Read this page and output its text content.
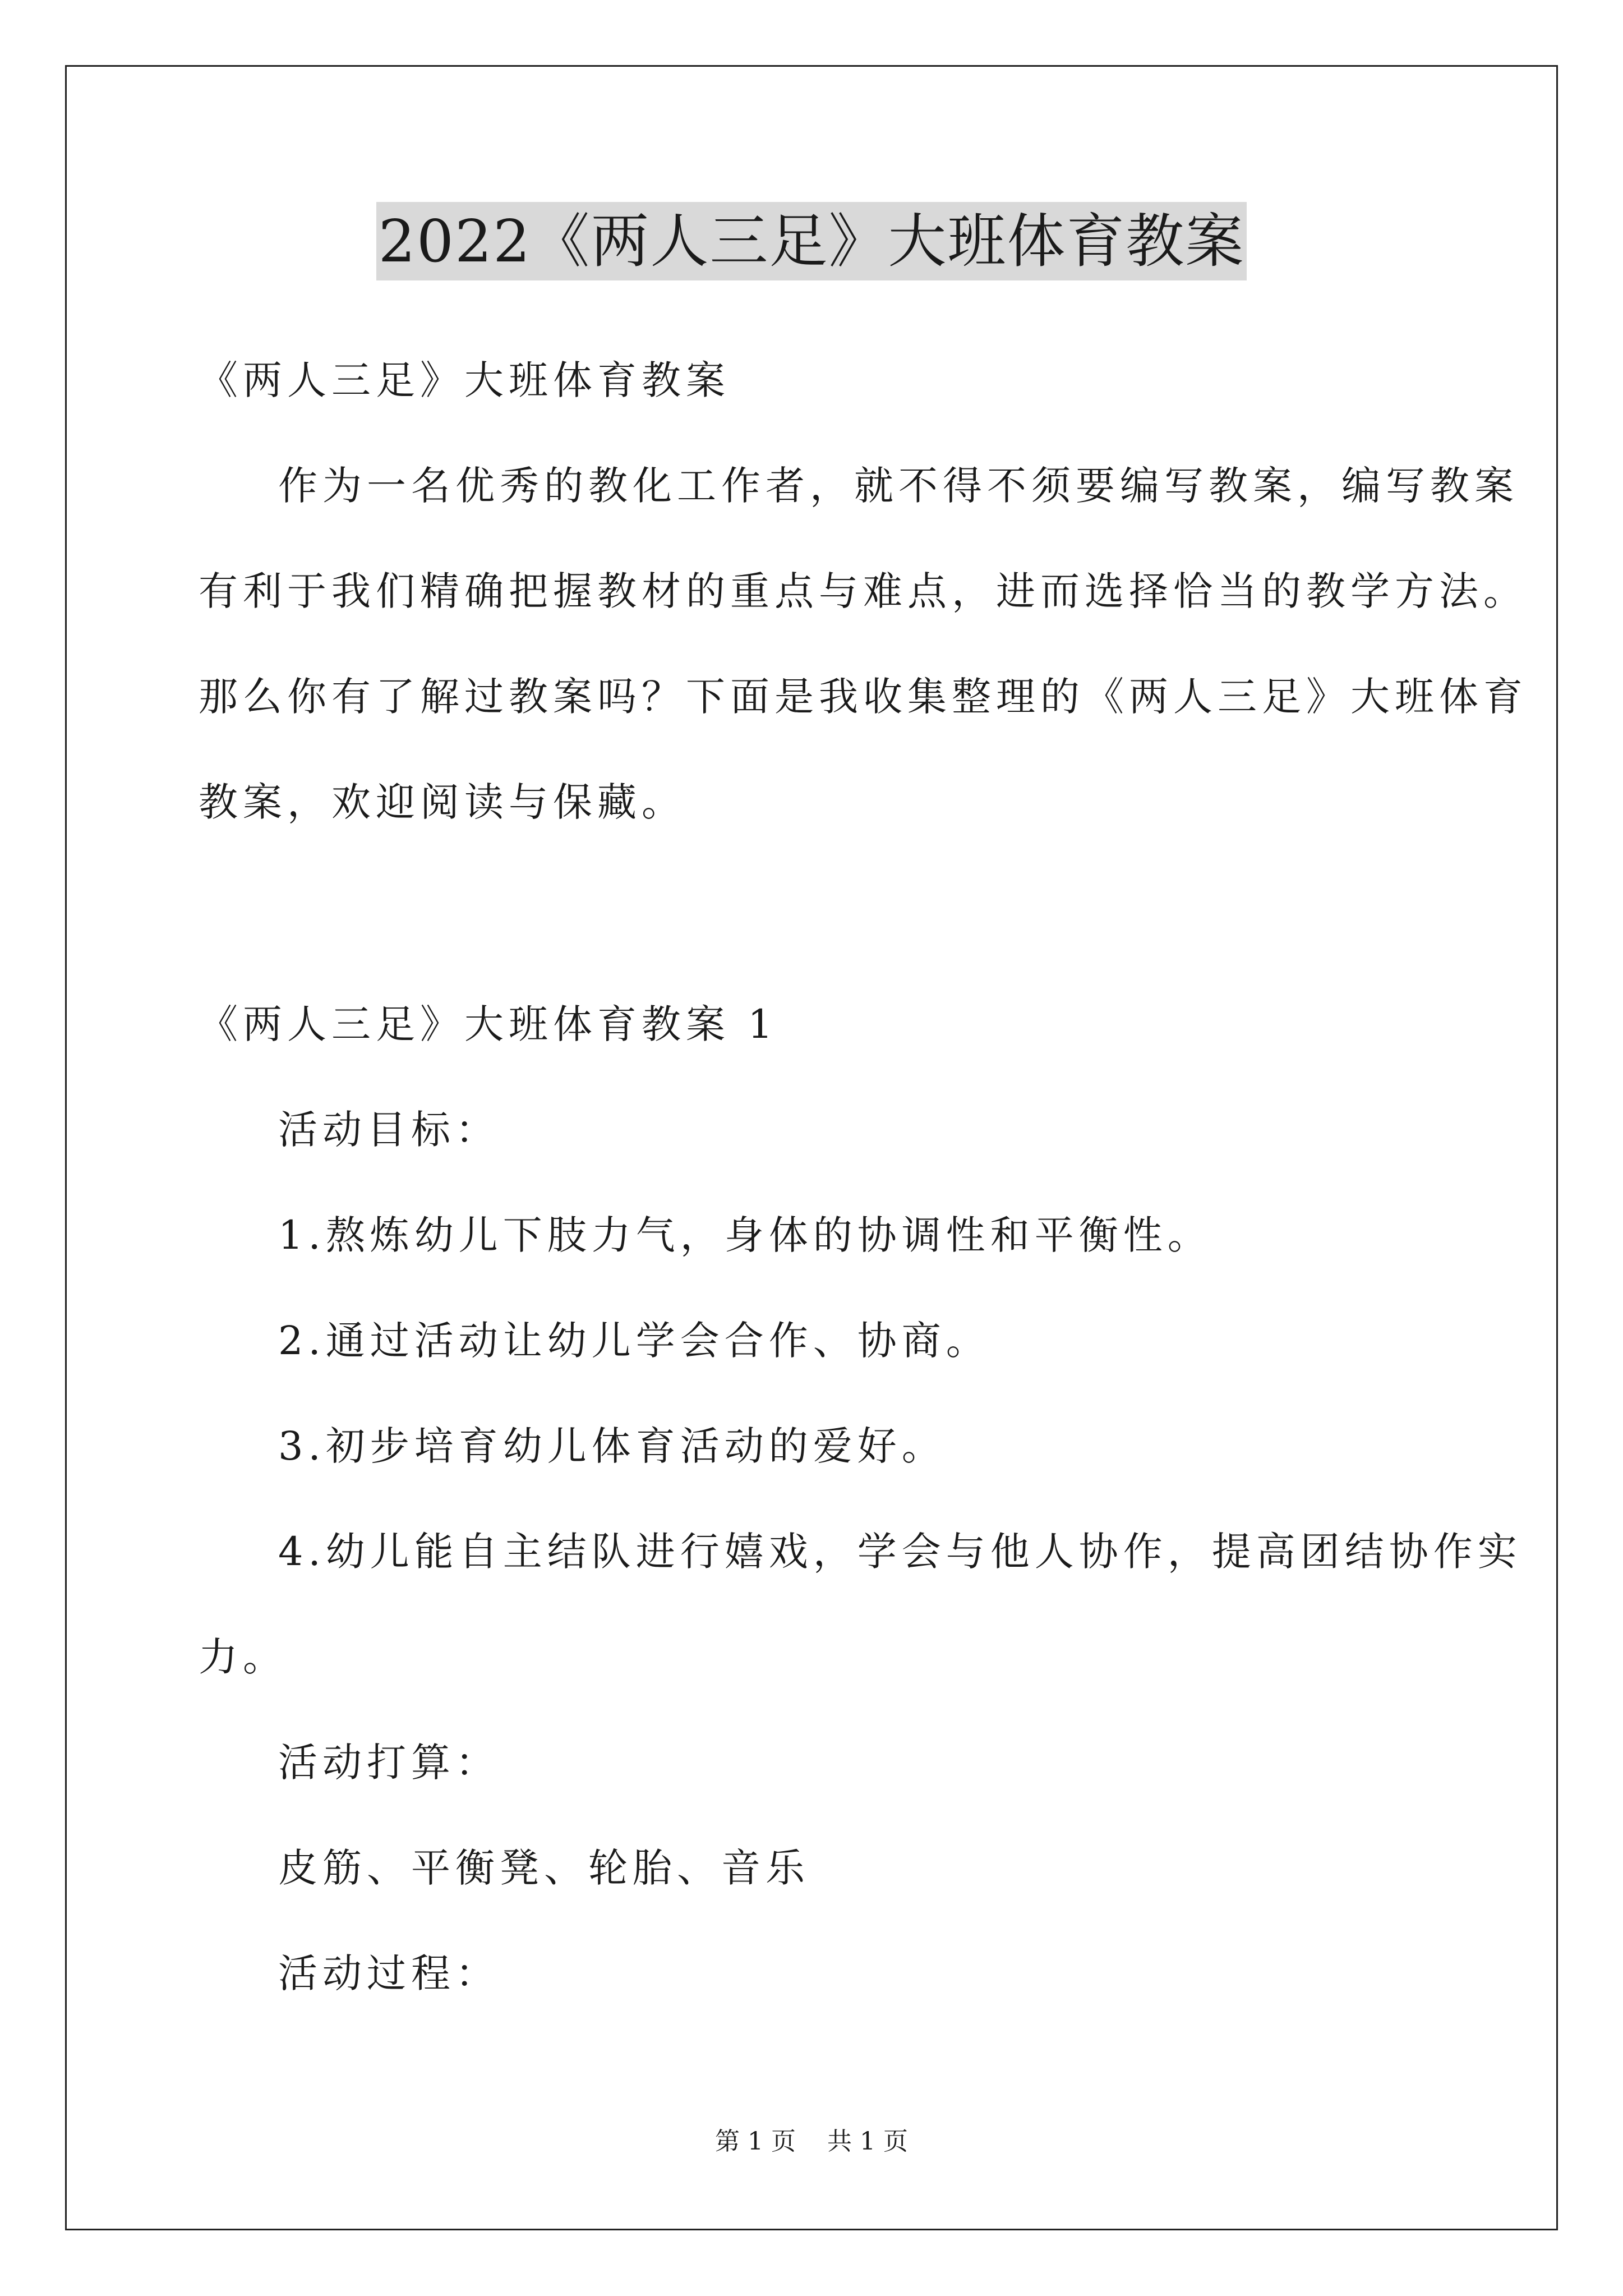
2022《两人三足》大班体育教案
《两人三足》大班体育教案
作为一名优秀的教化工作者，就不得不须要编写教案，编写教案
有利于我们精确把握教材的重点与难点，进而选择恰当的教学方法。
那么你有了解过教案吗？下面是我收集整理的《两人三足》大班体育
教案，欢迎阅读与保藏。
《两人三足》大班体育教案 1
活动目标：
1.熬炼幼儿下肢力气，身体的协调性和平衡性。
2.通过活动让幼儿学会合作、协商。
3.初步培育幼儿体育活动的爱好。
4.幼儿能自主结队进行嬉戏，学会与他人协作，提高团结协作实
力。
活动打算：
皮筋、平衡凳、轮胎、音乐
活动过程：
第 1 页 共 1 页
